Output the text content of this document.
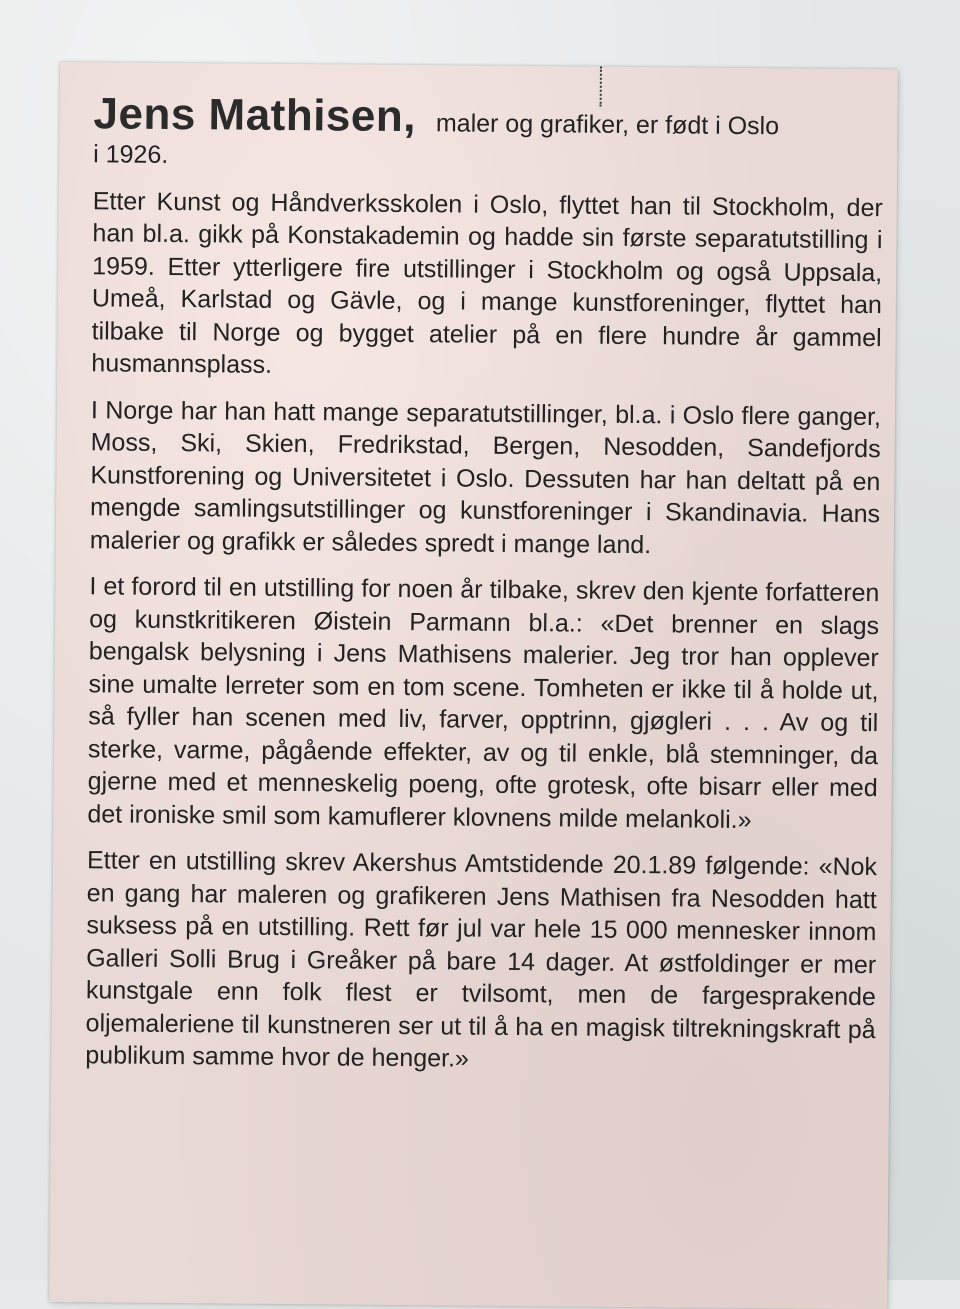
Jens Mathisen, maler og grafiker, er født i Oslo
i 1926.

Etter Kunst og Håndverksskolen i Oslo, flyttet han til Stockholm, der han bl.a. gikk på Konstakademin og hadde sin første separatutstilling i 1959. Etter ytterligere fire utstillinger i Stockholm og også Uppsala, Umeå, Karlstad og Gävle, og i mange kunstforeninger, flyttet han tilbake til Norge og bygget atelier på en flere hundre år gammel husmannsplass.

I Norge har han hatt mange separatutstillinger, bl.a. i Oslo flere ganger, Moss, Ski, Skien, Fredrikstad, Bergen, Nesodden, Sandefjords Kunstforening og Universitetet i Oslo. Dessuten har han deltatt på en mengde samlingsutstillinger og kunstforeninger i Skandinavia. Hans malerier og grafikk er således spredt i mange land.

I et forord til en utstilling for noen år tilbake, skrev den kjente forfatteren og kunstkritikeren Øistein Parmann bl.a.: «Det brenner en slags bengalsk belysning i Jens Mathisens malerier. Jeg tror han opplever sine umalte lerreter som en tom scene. Tomheten er ikke til å holde ut, så fyller han scenen med liv, farver, opptrinn, gjøgleri . . . Av og til sterke, varme, pågående effekter, av og til enkle, blå stemninger, da gjerne med et menneskelig poeng, ofte grotesk, ofte bisarr eller med det ironiske smil som kamuflerer klovnens milde melankoli.»

Etter en utstilling skrev Akershus Amtstidende 20.1.89 følgende: «Nok en gang har maleren og grafikeren Jens Mathisen fra Nesodden hatt suksess på en utstilling. Rett før jul var hele 15 000 mennesker innom Galleri Solli Brug i Greåker på bare 14 dager. At østfoldinger er mer kunstgale enn folk flest er tvilsomt, men de fargesprakende oljemaleriene til kunstneren ser ut til å ha en magisk tiltrekningskraft på publikum samme hvor de henger.»
